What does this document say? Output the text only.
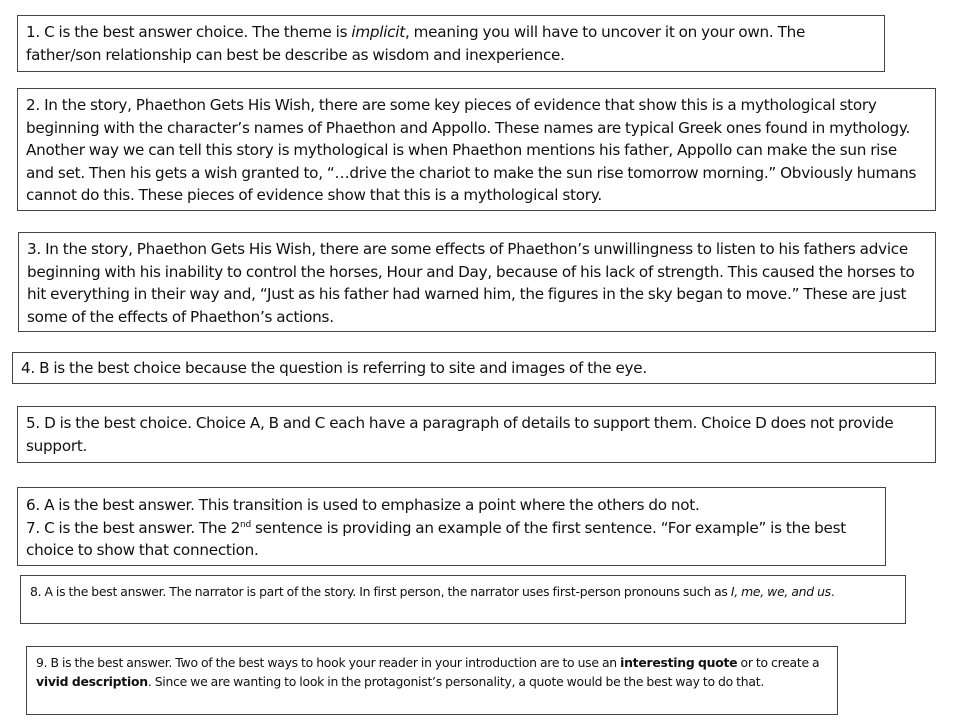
1. C is the best answer choice. The theme is implicit, meaning you will have to uncover it on your own. The father/son relationship can best be describe as wisdom and inexperience.

2. In the story, Phaethon Gets His Wish, there are some key pieces of evidence that show this is a mythological story beginning with the character’s names of Phaethon and Appollo. These names are typical Greek ones found in mythology. Another way we can tell this story is mythological is when Phaethon mentions his father, Appollo can make the sun rise and set. Then his gets a wish granted to, “…drive the chariot to make the sun rise tomorrow morning.” Obviously humans cannot do this. These pieces of evidence show that this is a mythological story.

3. In the story, Phaethon Gets His Wish, there are some effects of Phaethon’s unwillingness to listen to his fathers advice beginning with his inability to control the horses, Hour and Day, because of his lack of strength. This caused the horses to hit everything in their way and, “Just as his father had warned him, the figures in the sky began to move.” These are just some of the effects of Phaethon’s actions.

4. B is the best choice because the question is referring to site and images of the eye.

5. D is the best choice. Choice A, B and C each have a paragraph of details to support them. Choice D does not provide support.

6. A is the best answer. This transition is used to emphasize a point where the others do not.

7. C is the best answer. The 2nd sentence is providing an example of the first sentence. “For example” is the best choice to show that connection.

8. A is the best answer. The narrator is part of the story. In first person, the narrator uses first-person pronouns such as I, me, we, and us.

9. B is the best answer. Two of the best ways to hook your reader in your introduction are to use an interesting quote or to create a vivid description. Since we are wanting to look in the protagonist’s personality, a quote would be the best way to do that.
